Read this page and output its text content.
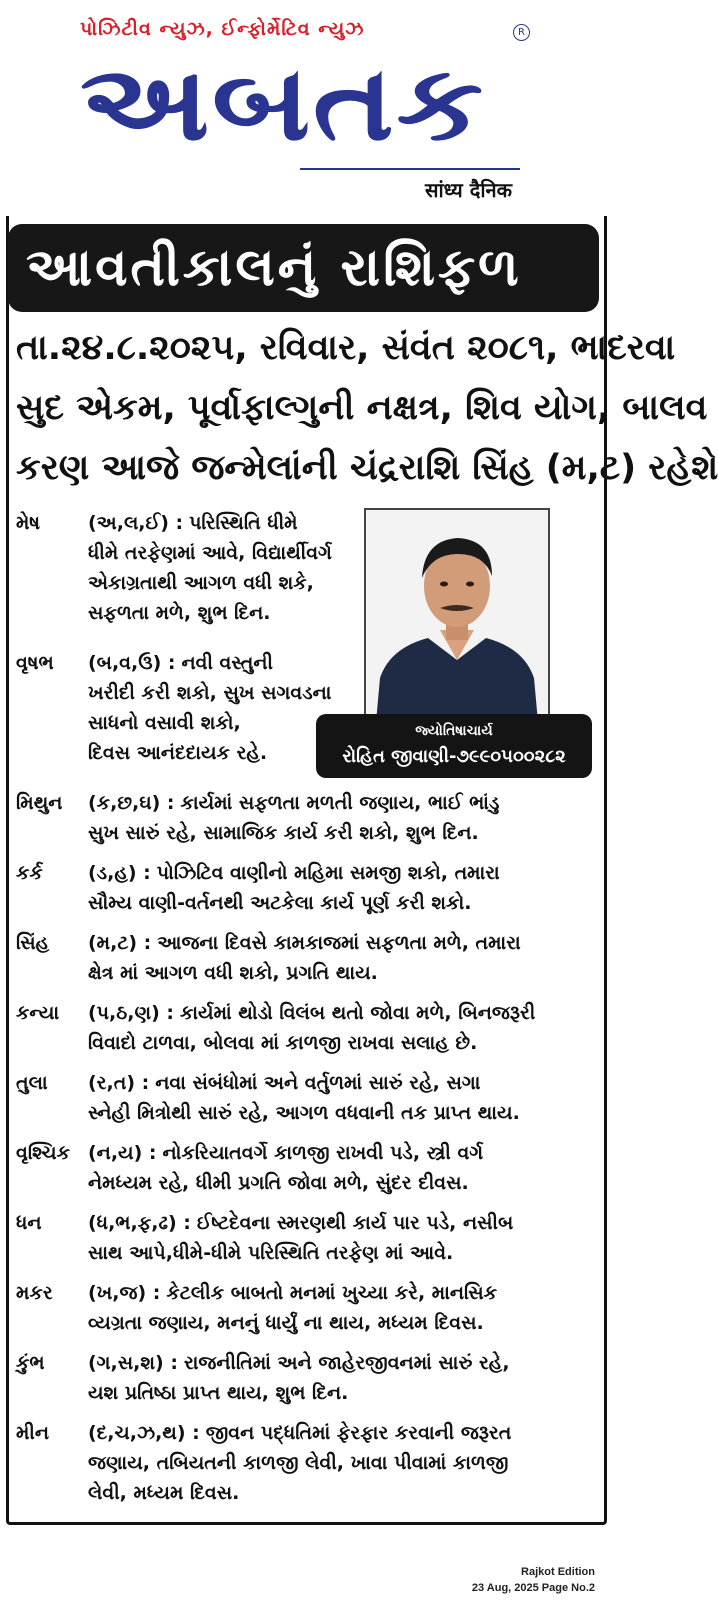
પોઝિટીવ ન્યુઝ, ઈન્ફોર્મેટિવ ન્યુઝ	R
અબતક
सांध्य दैनिक
આવતીકાલનું રાશિફળ
તા.૨૪.૮.૨૦૨૫, રવિવાર, સંવંત ૨૦૮૧, ભાદરવા
સુદ એકમ, પૂર્વાફાલ્ગુની નક્ષત્ર, શિવ યોગ, બાલવ
કરણ આજે જન્મેલાંની ચંદ્રરાશિ સિંહ (મ,ટ) રહેશે
જ્યોતિષાચાર્ય
રોહિત જીવાણી-૭૯૯૦૫૦૦૨૮૨
મેષ	(અ,લ,ઈ) : પરિસ્થિતિ ધીમે
ધીમે તરફેણમાં આવે, વિદ્યાર્થીવર્ગ
એકાગ્રતાથી આગળ વધી શકે,
સફળતા મળે, શુભ દિન.
વૃષભ	(બ,વ,ઉ) : નવી વસ્તુની
ખરીદી કરી શકો, સુખ સગવડના
સાધનો વસાવી શકો,
દિવસ આનંદદાયક રહે.
મિથુન	(ક,છ,ઘ) : કાર્યમાં સફળતા મળતી જણાય, ભાઈ ભાંડુ
સુખ સારું રહે, સામાજિક કાર્ય કરી શકો, શુભ દિન.
કર્ક	(ડ,હ) : પોઝિટિવ વાણીનો મહિમા સમજી શકો, તમારા
સૌમ્ય વાણી-વર્તનથી અટકેલા કાર્ય પૂર્ણ કરી શકો.
સિંહ	(મ,ટ) : આજના દિવસે કામકાજમાં સફળતા મળે, તમારા
ક્ષેત્ર માં આગળ વધી શકો, પ્રગતિ થાય.
કન્યા	(પ,ઠ,ણ) : કાર્યમાં થોડો વિલંબ થતો જોવા મળે, બિનજરૂરી
વિવાદો ટાળવા, બોલવા માં કાળજી રાખવા સલાહ છે.
તુલા	(ર,ત) : નવા સંબંધોમાં અને વર્તુળમાં સારું રહે, સગા
સ્નેહી મિત્રોથી સારું રહે, આગળ વધવાની તક પ્રાપ્ત થાય.
વૃશ્ચિક (ન,ય) : નોકરિયાતવર્ગે કાળજી રાખવી પડે, સ્ત્રી વર્ગ
નેમધ્યમ રહે, ધીમી પ્રગતિ જોવા મળે, સુંદર દીવસ.
ધન	(ધ,ભ,ફ,ઢ) : ઈષ્ટદેવના સ્મરણથી કાર્ય પાર પડે, નસીબ
સાથ આપે,ધીમે-ધીમે પરિસ્થિતિ તરફેણ માં આવે.
મકર	(ખ,જ) : કેટલીક બાબતો મનમાં ખુચ્યા કરે, માનસિક
વ્યગ્રતા જણાય, મનનું ધાર્યું ના થાય, મધ્યમ દિવસ.
કુંભ	(ગ,સ,શ) : રાજનીતિમાં અને જાહેરજીવનમાં સારું રહે,
યશ પ્રતિષ્ઠા પ્રાપ્ત થાય, શુભ દિન.
મીન	(દ,ચ,ઝ,થ) : જીવન પદ્ધતિમાં ફેરફાર કરવાની જરૂરત
જણાય, તબિયતની કાળજી લેવી, ખાવા પીવામાં કાળજી
લેવી, મધ્યમ દિવસ.
Rajkot Edition
23 Aug, 2025 Page No.2
